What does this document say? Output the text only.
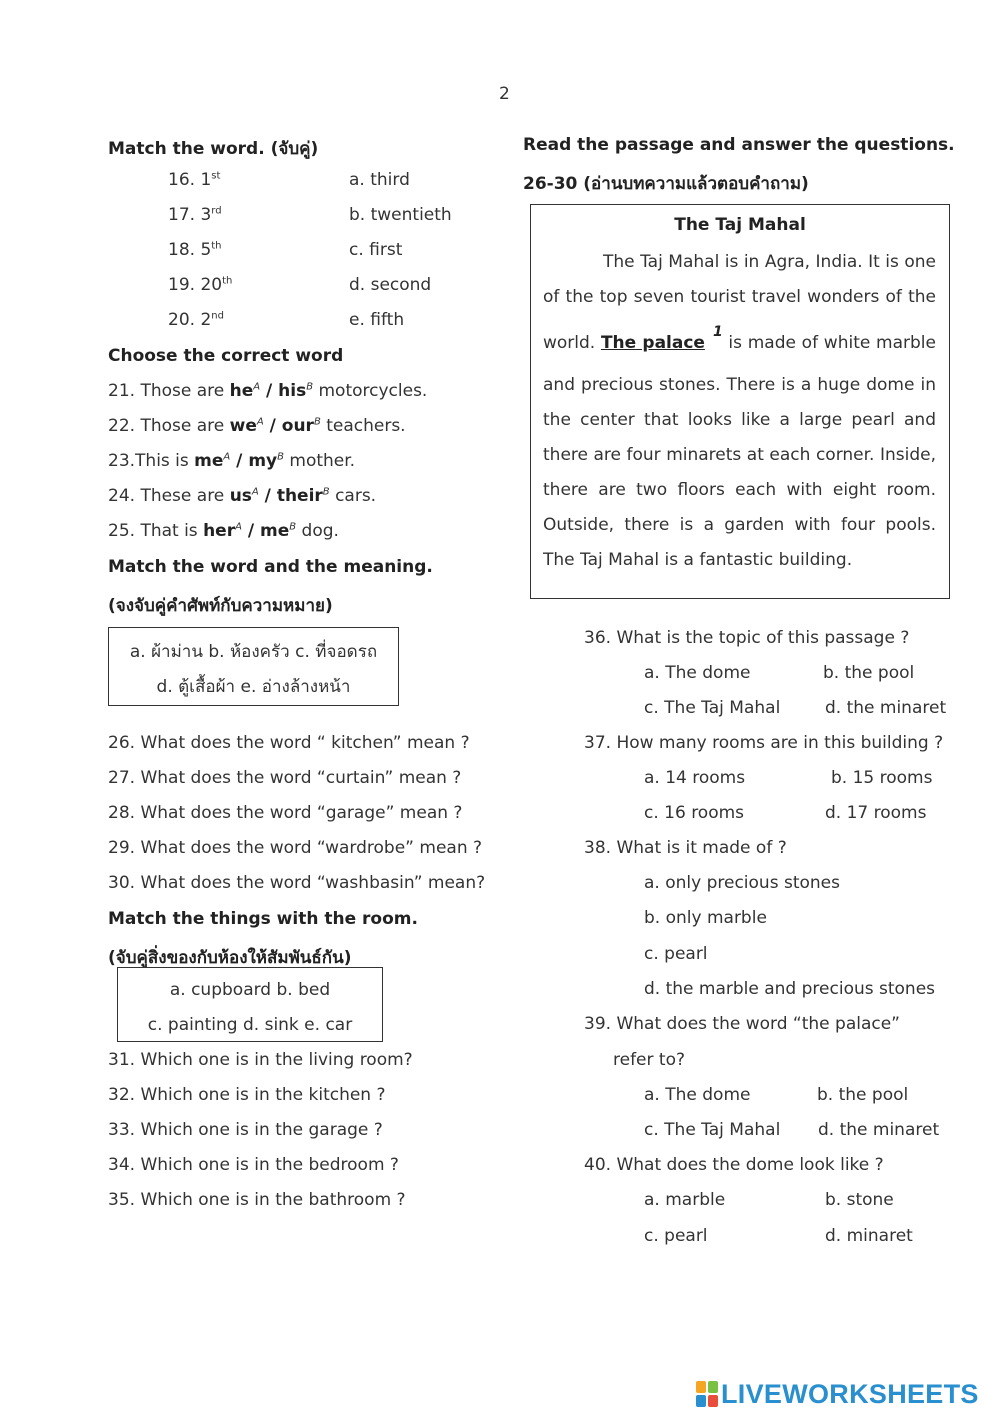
2
Match the word. (จับคู่)
16. 1st	a. third
17. 3rd	b. twentieth
18. 5th	c. first
19. 20th	d. second
20. 2nd	e. fifth
Choose the correct word
21. Those are $he^A / his^B$ motorcycles.
22. Those are $we^A / our^B$ teachers.
23.This is $me^A / my^B$ mother.
24. These are $us^A$ / their$^B$ cars.
25. That is $her^A / me^B$ dog.
Match the word and the meaning.
(จงจับคู่คำศัพท์กับความหมาย)
a. ผ้าม่าน b. ห้องครัว c. ที่จอดรถ
d. ตู้เสื้อผ้า e. อ่างล้างหน้า
26. What does the word “ kitchen” mean ?
27. What does the word “curtain” mean ?
28. What does the word “garage” mean ?
29. What does the word “wardrobe” mean ?
30. What does the word “washbasin” mean?
Match the things with the room.
(จับคู่สิ่งของกับห้องให้สัมพันธ์กัน)
a. cupboard b. bed
c. painting d. sink e. car
31. Which one is in the living room?
32. Which one is in the kitchen ?
33. Which one is in the garage ?
34. Which one is in the bedroom ?
35. Which one is in the bathroom ?
Read the passage and answer the questions.
26-30 (อ่านบทความแล้วตอบคำถาม)
The Taj Mahal
The Taj Mahal is in Agra, India. It is one
of the top seven tourist travel wonders of the
world. The palace$^1$ is made of white marble
and precious stones. There is a huge dome in
the center that looks like a large pearl and
there are four minarets at each corner. Inside,
there are two floors each with eight room.
Outside, there is a garden with four pools.
The Taj Mahal is a fantastic building.
36. What is the topic of this passage ?
a. The dome	b. the pool
c. The Taj Mahal	d. the minaret
37. How many rooms are in this building ?
a. 14 rooms	b. 15 rooms
c. 16 rooms	d. 17 rooms
38. What is it made of ?
a. only precious stones
b. only marble
c. pearl
d. the marble and precious stones
39. What does the word “the palace”
refer to?
a. The dome	b. the pool
c. The Taj Mahal d. the minaret
40. What does the dome look like ?
a. marble	b. stone
c. pearl	d. minaret
LIVEWORKSHEETS
